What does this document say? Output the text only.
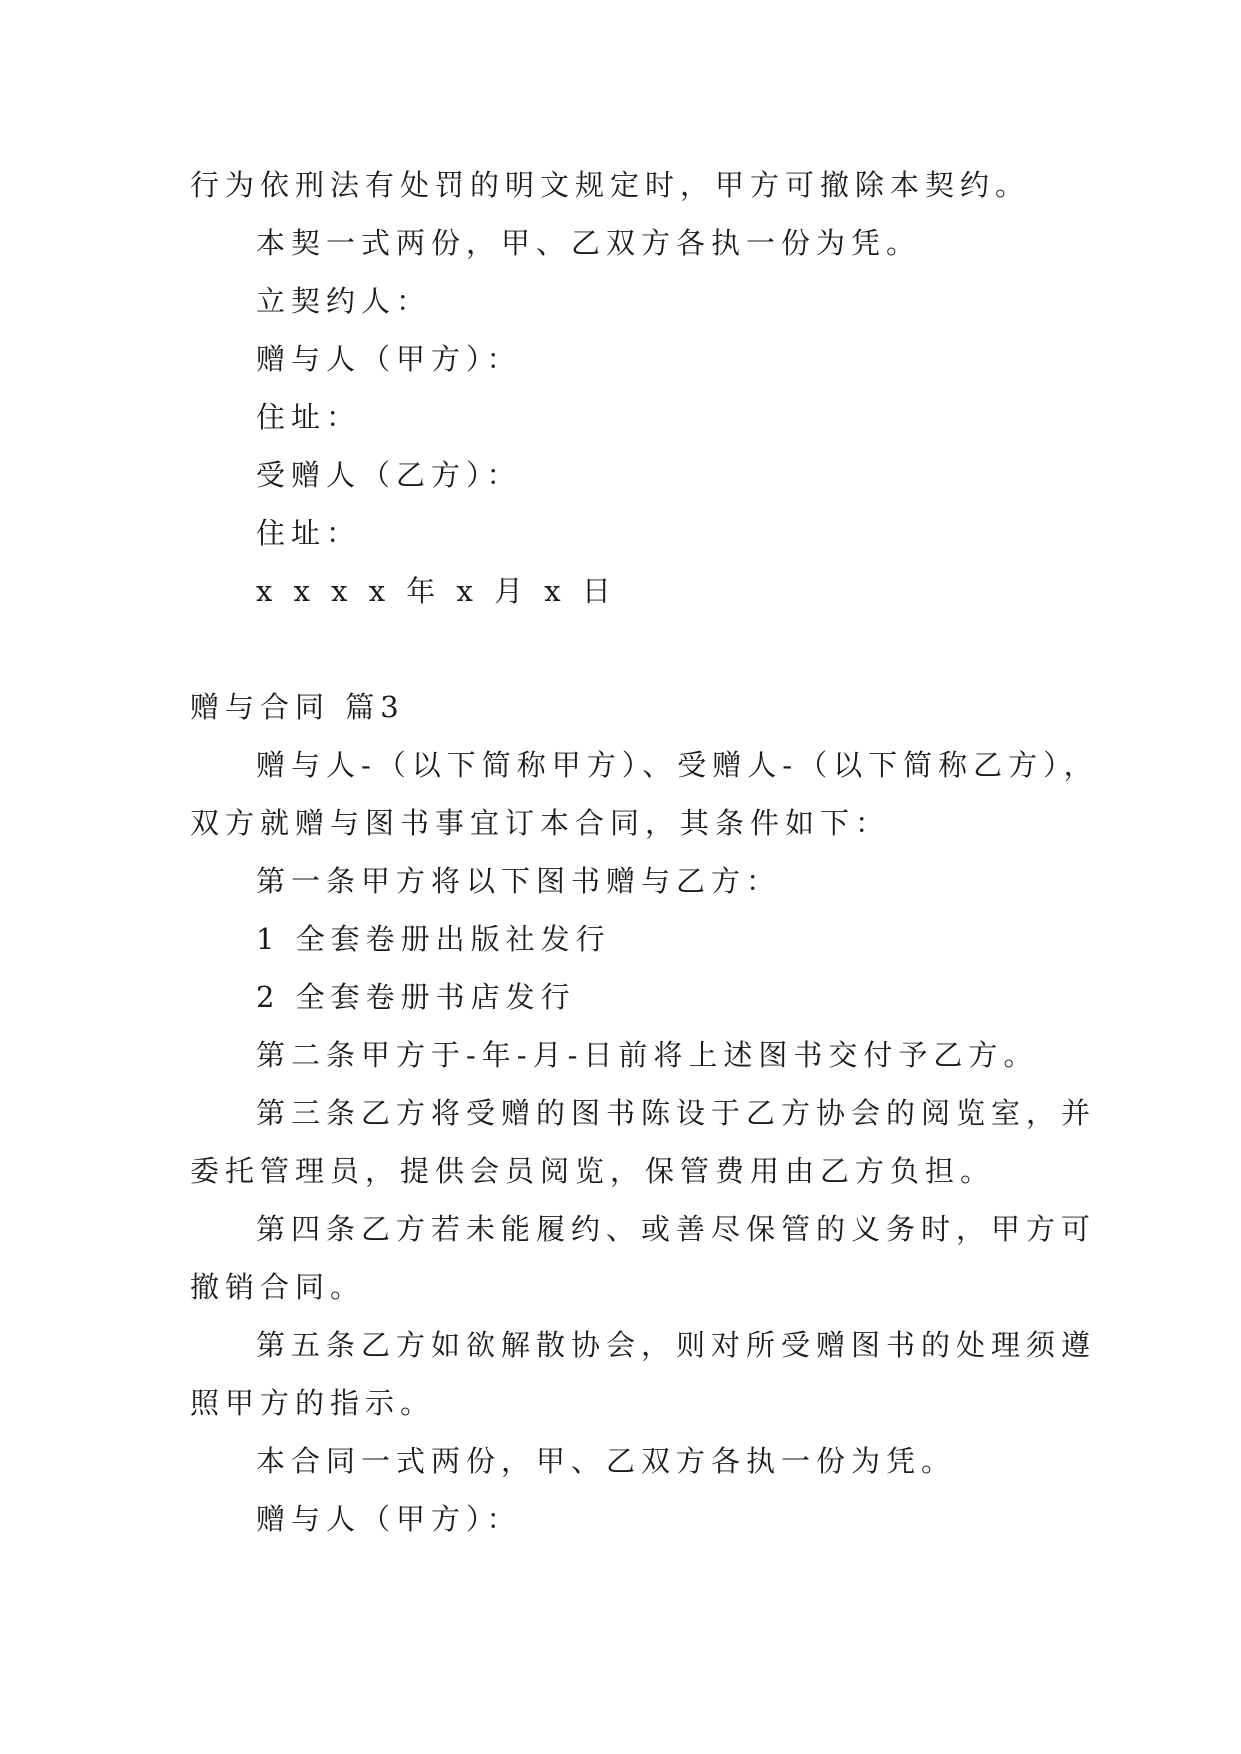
行为依刑法有处罚的明文规定时，甲方可撤除本契约。

本契一式两份，甲、乙双方各执一份为凭。

立契约人：

赠与人（甲方）：

住址：

受赠人（乙方）：

住址：

x x x x 年 x 月 x 日

赠与合同 篇3

赠与人-（以下简称甲方）、受赠人-（以下简称乙方），

双方就赠与图书事宜订本合同，其条件如下：

第一条甲方将以下图书赠与乙方：

1 全套卷册出版社发行

2 全套卷册书店发行

第二条甲方于-年-月-日前将上述图书交付予乙方。

第三条乙方将受赠的图书陈设于乙方协会的阅览室，并

委托管理员，提供会员阅览，保管费用由乙方负担。

第四条乙方若未能履约、或善尽保管的义务时，甲方可

撤销合同。

第五条乙方如欲解散协会，则对所受赠图书的处理须遵

照甲方的指示。

本合同一式两份，甲、乙双方各执一份为凭。

赠与人（甲方）：
